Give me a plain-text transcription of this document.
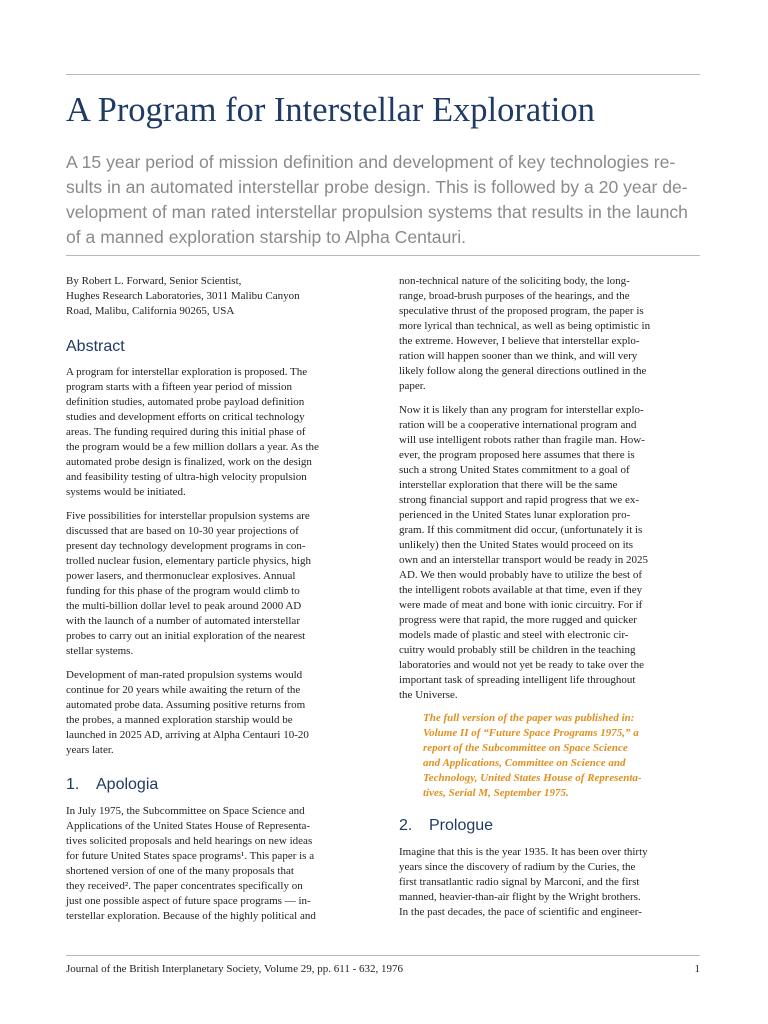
A Program for Interstellar Exploration
A 15 year period of mission definition and development of key technologies re-
sults in an automated interstellar probe design. This is followed by a 20 year de-
velopment of man rated interstellar propulsion systems that results in the launch
of a manned exploration starship to Alpha Centauri.
By Robert L. Forward, Senior Scientist,
Hughes Research Laboratories, 3011 Malibu Canyon
Road, Malibu, California 90265, USA
Abstract
A program for interstellar exploration is proposed. The
program starts with a fifteen year period of mission
definition studies, automated probe payload definition
studies and development efforts on critical technology
areas. The funding required during this initial phase of
the program would be a few million dollars a year. As the
automated probe design is finalized, work on the design
and feasibility testing of ultra-high velocity propulsion
systems would be initiated.
Five possibilities for interstellar propulsion systems are
discussed that are based on 10-30 year projections of
present day technology development programs in con-
trolled nuclear fusion, elementary particle physics, high
power lasers, and thermonuclear explosives. Annual
funding for this phase of the program would climb to
the multi-billion dollar level to peak around 2000 AD
with the launch of a number of automated interstellar
probes to carry out an initial exploration of the nearest
stellar systems.
Development of man-rated propulsion systems would
continue for 20 years while awaiting the return of the
automated probe data. Assuming positive returns from
the probes, a manned exploration starship would be
launched in 2025 AD, arriving at Alpha Centauri 10-20
years later.
1. Apologia
In July 1975, the Subcommittee on Space Science and
Applications of the United States House of Representa-
tives solicited proposals and held hearings on new ideas
for future United States space programs¹. This paper is a
shortened version of one of the many proposals that
they received². The paper concentrates specifically on
just one possible aspect of future space programs — in-
terstellar exploration. Because of the highly political and
non-technical nature of the soliciting body, the long-
range, broad-brush purposes of the hearings, and the
speculative thrust of the proposed program, the paper is
more lyrical than technical, as well as being optimistic in
the extreme. However, I believe that interstellar explo-
ration will happen sooner than we think, and will very
likely follow along the general directions outlined in the
paper.
Now it is likely than any program for interstellar explo-
ration will be a cooperative international program and
will use intelligent robots rather than fragile man. How-
ever, the program proposed here assumes that there is
such a strong United States commitment to a goal of
interstellar exploration that there will be the same
strong financial support and rapid progress that we ex-
perienced in the United States lunar exploration pro-
gram. If this commitment did occur, (unfortunately it is
unlikely) then the United States would proceed on its
own and an interstellar transport would be ready in 2025
AD. We then would probably have to utilize the best of
the intelligent robots available at that time, even if they
were made of meat and bone with ionic circuitry. For if
progress were that rapid, the more rugged and quicker
models made of plastic and steel with electronic cir-
cuitry would probably still be children in the teaching
laboratories and would not yet be ready to take over the
important task of spreading intelligent life throughout
the Universe.
The full version of the paper was published in:
Volume II of “Future Space Programs 1975,” a
report of the Subcommittee on Space Science
and Applications, Committee on Science and
Technology, United States House of Representa-
tives, Serial M, September 1975.
2. Prologue
Imagine that this is the year 1935. It has been over thirty
years since the discovery of radium by the Curies, the
first transatlantic radio signal by Marconi, and the first
manned, heavier-than-air flight by the Wright brothers.
In the past decades, the pace of scientific and engineer-
Journal of the British Interplanetary Society, Volume 29, pp. 611 - 632, 1976	1
